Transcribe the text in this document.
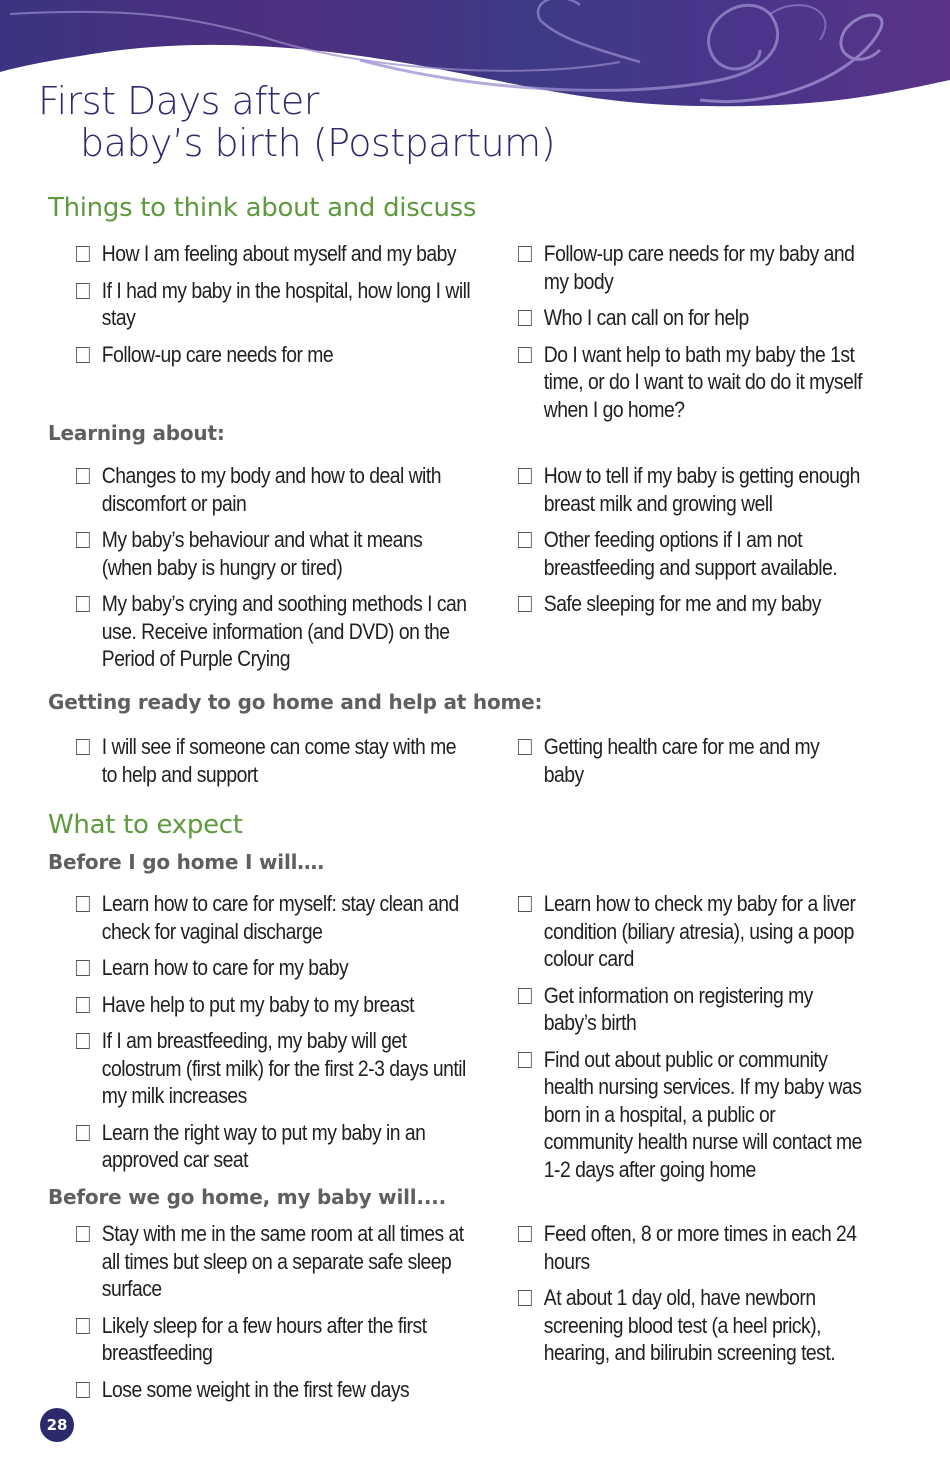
First Days after
baby’s birth (Postpartum)
Things to think about and discuss
How I am feeling about myself and my baby
If I had my baby in the hospital, how long I will stay
Follow-up care needs for me
Follow-up care needs for my baby and my body
Who I can call on for help
Do I want help to bath my baby the 1st time, or do I want to wait do do it myself when I go home?
Learning about:
Changes to my body and how to deal with discomfort or pain
My baby’s behaviour and what it means (when baby is hungry or tired)
My baby’s crying and soothing methods I can use. Receive information (and DVD) on the Period of Purple Crying
How to tell if my baby is getting enough breast milk and growing well
Other feeding options if I am not breastfeeding and support available.
Safe sleeping for me and my baby
Getting ready to go home and help at home:
I will see if someone can come stay with me to help and support
Getting health care for me and my baby
What to expect
Before I go home I will….
Learn how to care for myself: stay clean and check for vaginal discharge
Learn how to care for my baby
Have help to put my baby to my breast
If I am breastfeeding, my baby will get colostrum (first milk) for the first 2-3 days until my milk increases
Learn the right way to put my baby in an approved car seat
Learn how to check my baby for a liver condition (biliary atresia), using a poop colour card
Get information on registering my baby’s birth
Find out about public or community health nursing services. If my baby was born in a hospital, a public or community health nurse will contact me 1-2 days after going home
Before we go home, my baby will....
Stay with me in the same room at all times at all times but sleep on a separate safe sleep surface
Likely sleep for a few hours after the first breastfeeding
Lose some weight in the first few days
Feed often, 8 or more times in each 24 hours
At about 1 day old, have newborn screening blood test (a heel prick), hearing, and bilirubin screening test.
28
